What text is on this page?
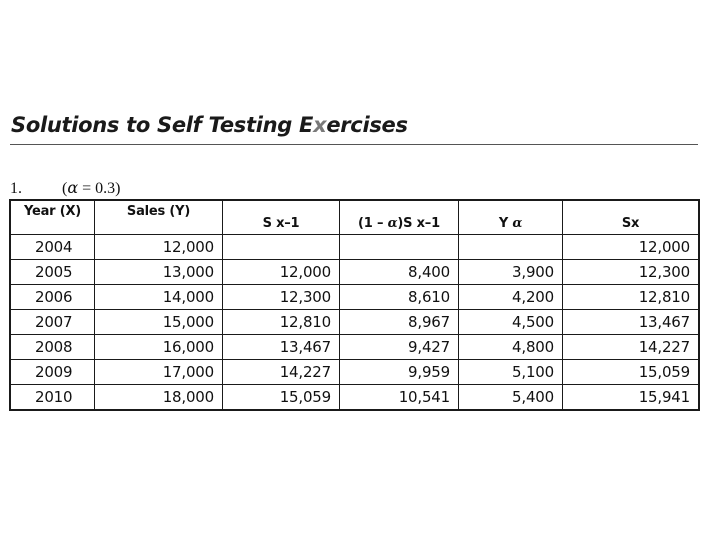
Solutions to Self Testing Exercises
1.	(α = 0.3)
Year (X)	Sales (Y)	S x–1	(1 – α)S x–1	Y α	Sx
2004	12,000				12,000
2005	13,000	12,000	8,400	3,900	12,300
2006	14,000	12,300	8,610	4,200	12,810
2007	15,000	12,810	8,967	4,500	13,467
2008	16,000	13,467	9,427	4,800	14,227
2009	17,000	14,227	9,959	5,100	15,059
2010	18,000	15,059	10,541	5,400	15,941
